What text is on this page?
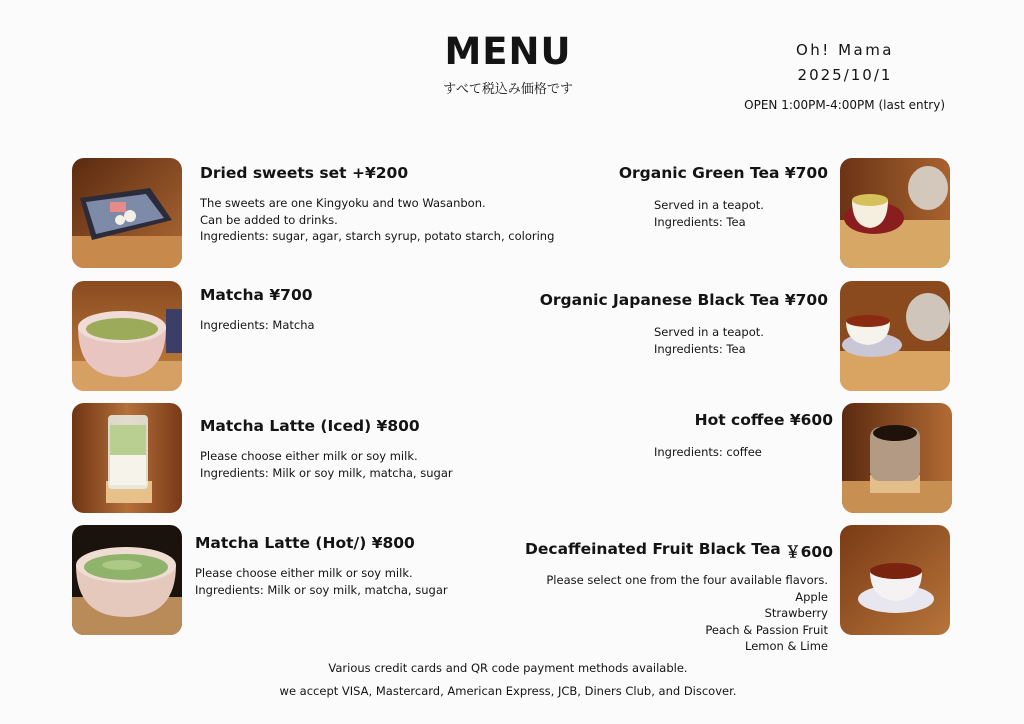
MENU
すべて税込み価格です
Oh! Mama
2025/10/1
OPEN 1:00PM-4:00PM (last entry)
Dried sweets set +¥200
The sweets are one Kingyoku and two Wasanbon.
Can be added to drinks.
Ingredients: sugar, agar, starch syrup, potato starch, coloring
Matcha ¥700
Ingredients: Matcha
Matcha Latte (Iced) ¥800
Please choose either milk or soy milk.
Ingredients: Milk or soy milk, matcha, sugar
Matcha Latte (Hot/) ¥800
Please choose either milk or soy milk.
Ingredients: Milk or soy milk, matcha, sugar
Organic Green Tea ¥700
Served in a teapot.
Ingredients: Tea
Organic Japanese Black Tea ¥700
Served in a teapot.
Ingredients: Tea
Hot coffee ¥600
Ingredients: coffee
Decaffeinated Fruit Black Tea ￥600
Please select one from the four available flavors.
Apple
Strawberry
Peach & Passion Fruit
Lemon & Lime
Various credit cards and QR code payment methods available.
we accept VISA, Mastercard, American Express, JCB, Diners Club, and Discover.
